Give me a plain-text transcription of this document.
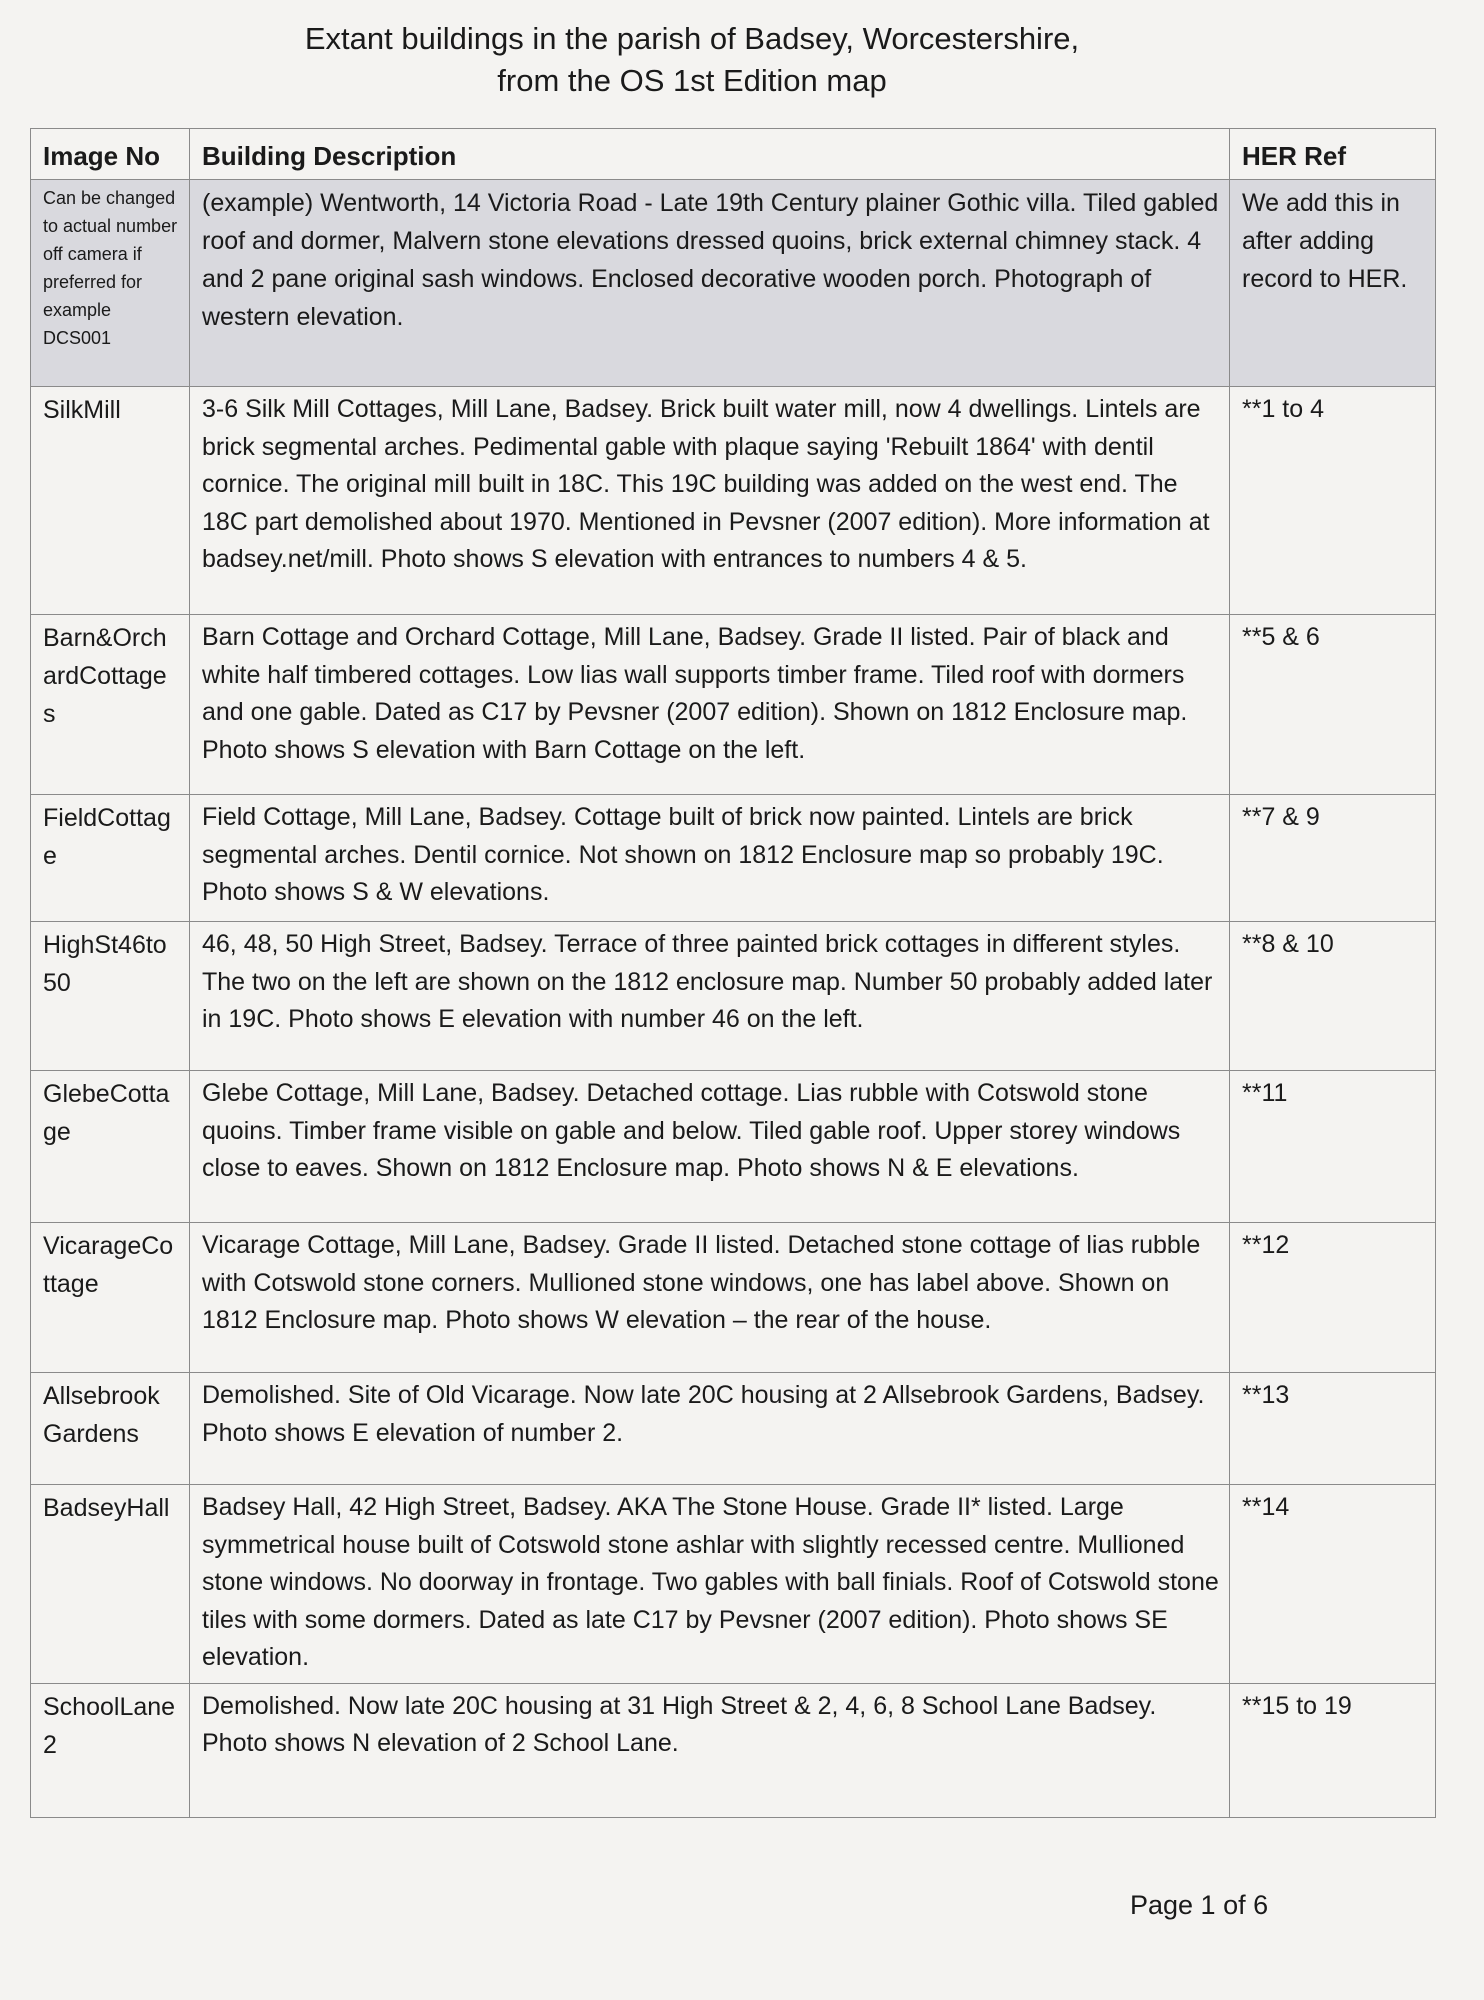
Extant buildings in the parish of Badsey, Worcestershire,
from the OS 1st Edition map
Image No	Building Description	HER Ref
Can be changed to actual number off camera if preferred for example DCS001	(example) Wentworth, 14 Victoria Road - Late 19th Century plainer Gothic villa. Tiled gabled roof and dormer, Malvern stone elevations dressed quoins, brick external chimney stack. 4 and 2 pane original sash windows. Enclosed decorative wooden porch. Photograph of western elevation.	We add this in after adding record to HER.
SilkMill	3-6 Silk Mill Cottages, Mill Lane, Badsey. Brick built water mill, now 4 dwellings. Lintels are brick segmental arches. Pedimental gable with plaque saying 'Rebuilt 1864' with dentil cornice. The original mill built in 18C. This 19C building was added on the west end. The 18C part demolished about 1970. Mentioned in Pevsner (2007 edition). More information at badsey.net/mill. Photo shows S elevation with entrances to numbers 4 & 5.	**1 to 4
Barn&OrchardCottages	Barn Cottage and Orchard Cottage, Mill Lane, Badsey. Grade II listed. Pair of black and white half timbered cottages. Low lias wall supports timber frame. Tiled roof with dormers and one gable. Dated as C17 by Pevsner (2007 edition). Shown on 1812 Enclosure map. Photo shows S elevation with Barn Cottage on the left.	**5 & 6
FieldCottage	Field Cottage, Mill Lane, Badsey. Cottage built of brick now painted. Lintels are brick segmental arches. Dentil cornice. Not shown on 1812 Enclosure map so probably 19C. Photo shows S & W elevations.	**7 & 9
HighSt46to50	46, 48, 50 High Street, Badsey. Terrace of three painted brick cottages in different styles. The two on the left are shown on the 1812 enclosure map. Number 50 probably added later in 19C. Photo shows E elevation with number 46 on the left.	**8 & 10
GlebeCottage	Glebe Cottage, Mill Lane, Badsey. Detached cottage. Lias rubble with Cotswold stone quoins. Timber frame visible on gable and below. Tiled gable roof. Upper storey windows close to eaves. Shown on 1812 Enclosure map. Photo shows N & E elevations.	**11
VicarageCottage	Vicarage Cottage, Mill Lane, Badsey. Grade II listed. Detached stone cottage of lias rubble with Cotswold stone corners. Mullioned stone windows, one has label above. Shown on 1812 Enclosure map. Photo shows W elevation – the rear of the house.	**12
Allsebrook Gardens	Demolished. Site of Old Vicarage. Now late 20C housing at 2 Allsebrook Gardens, Badsey. Photo shows E elevation of number 2.	**13
BadseyHall	Badsey Hall, 42 High Street, Badsey. AKA The Stone House. Grade II* listed. Large symmetrical house built of Cotswold stone ashlar with slightly recessed centre. Mullioned stone windows. No doorway in frontage. Two gables with ball finials. Roof of Cotswold stone tiles with some dormers. Dated as late C17 by Pevsner (2007 edition). Photo shows SE elevation.	**14
SchoolLane2	Demolished. Now late 20C housing at 31 High Street & 2, 4, 6, 8 School Lane Badsey. Photo shows N elevation of 2 School Lane.	**15 to 19
Page 1 of 6
